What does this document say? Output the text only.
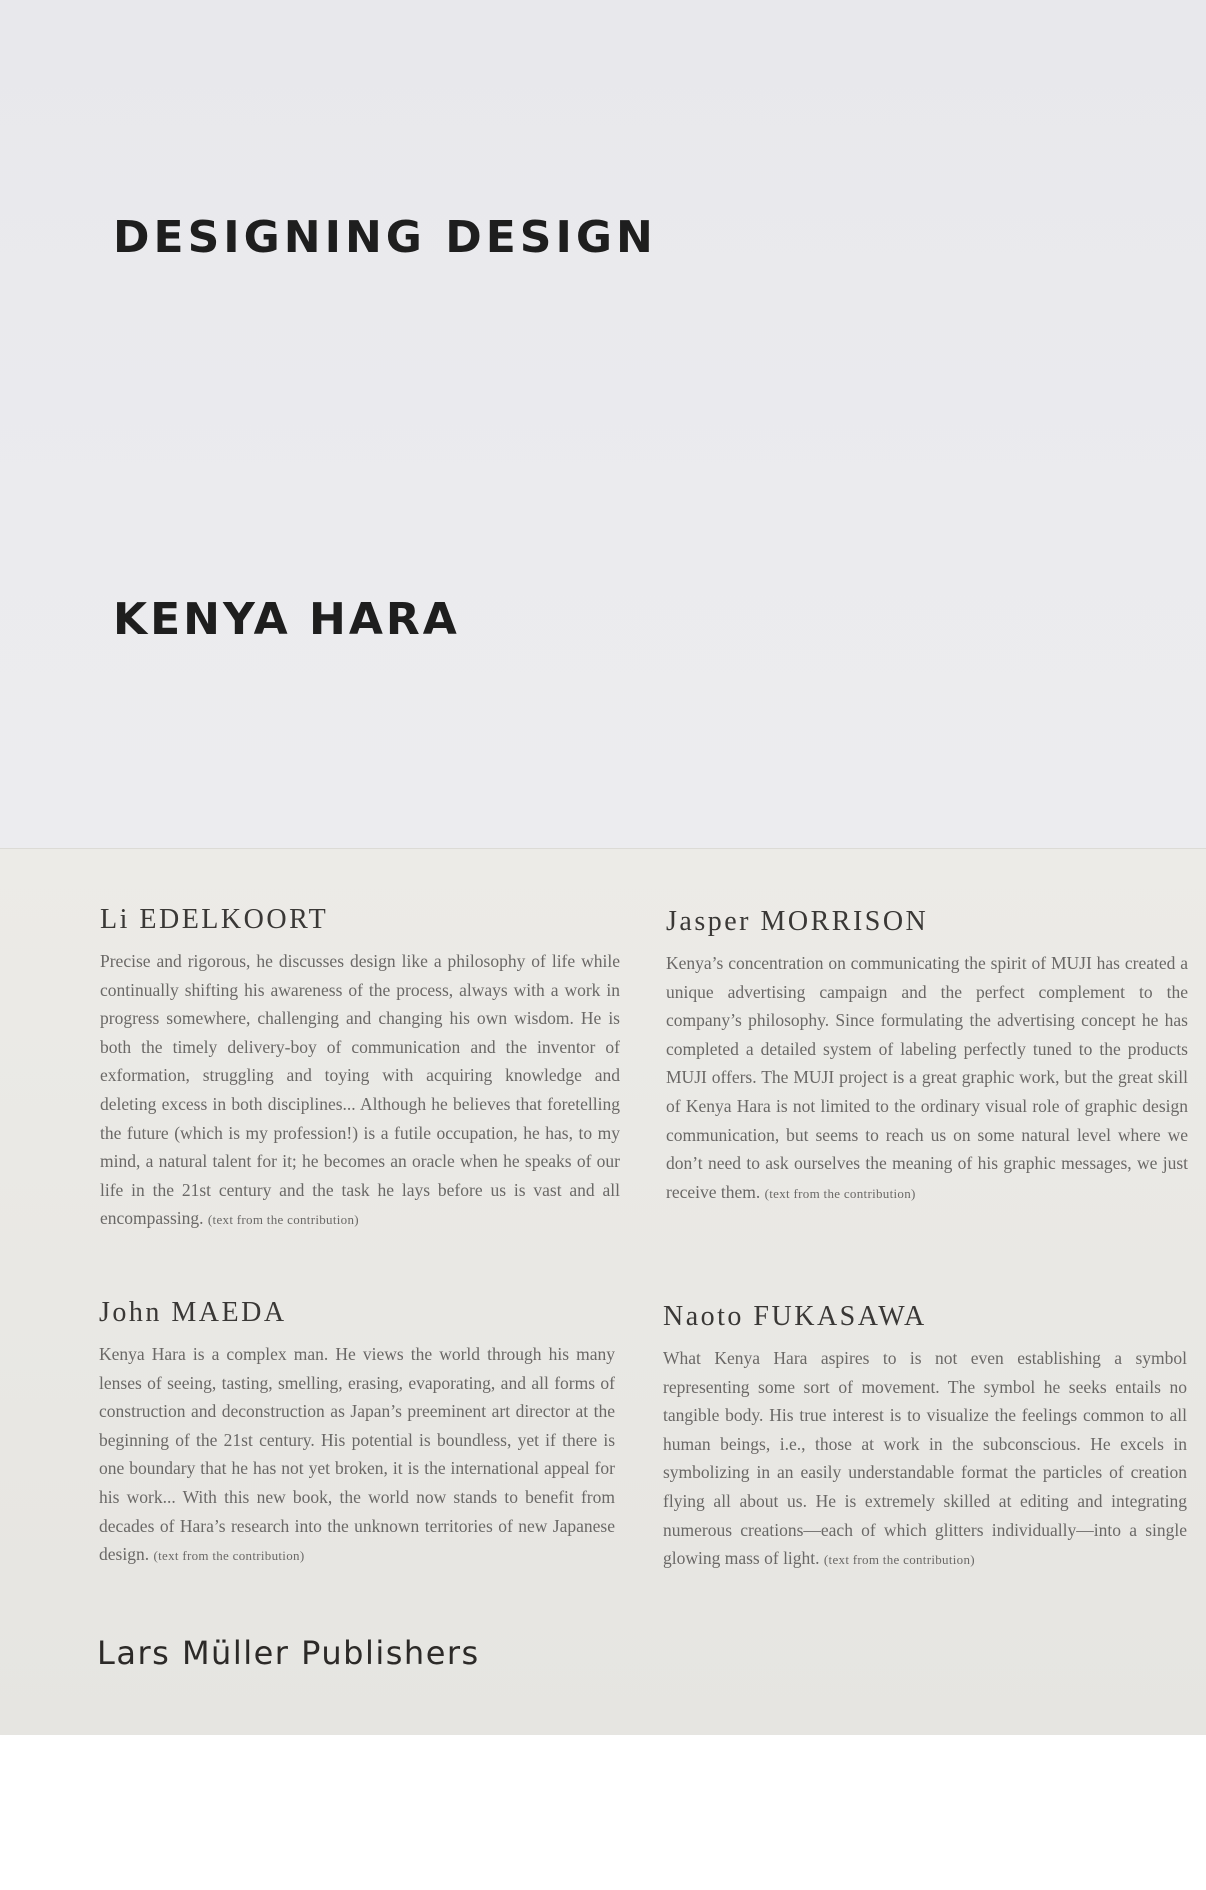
DESIGNING DESIGN
KENYA HARA
Li EDELKOORT

Precise and rigorous, he discusses design like a philosophy of life while continually shifting his awareness of the process, always with a work in progress somewhere, challenging and changing his own wisdom. He is both the timely delivery-boy of communication and the inventor of exformation, struggling and toying with acquiring knowledge and deleting excess in both disciplines... Although he believes that foretelling the future (which is my profession!) is a futile occupation, he has, to my mind, a natural talent for it; he becomes an oracle when he speaks of our life in the 21st century and the task he lays before us is vast and all encompassing. (text from the contribution)

Jasper MORRISON

Kenya’s concentration on communicating the spirit of MUJI has created a unique advertising campaign and the perfect complement to the company’s philosophy. Since formulating the advertising concept he has completed a detailed system of labeling perfectly tuned to the products MUJI offers. The MUJI project is a great graphic work, but the great skill of Kenya Hara is not limited to the ordinary visual role of graphic design communication, but seems to reach us on some natural level where we don’t need to ask ourselves the meaning of his graphic messages, we just receive them. (text from the contribution)

John MAEDA

Kenya Hara is a complex man. He views the world through his many lenses of seeing, tasting, smelling, erasing, evaporating, and all forms of construction and deconstruction as Japan’s preeminent art director at the beginning of the 21st century. His potential is boundless, yet if there is one boundary that he has not yet broken, it is the international appeal for his work... With this new book, the world now stands to benefit from decades of Hara’s research into the unknown territories of new Japanese design. (text from the contribution)

Naoto FUKASAWA

What Kenya Hara aspires to is not even establishing a symbol representing some sort of movement. The symbol he seeks entails no tangible body. His true interest is to visualize the feelings common to all human beings, i.e., those at work in the subconscious. He excels in symbolizing in an easily understandable format the particles of creation flying all about us. He is extremely skilled at editing and integrating numerous creations—each of which glitters individually—into a single glowing mass of light. (text from the contribution)

Lars Müller Publishers
